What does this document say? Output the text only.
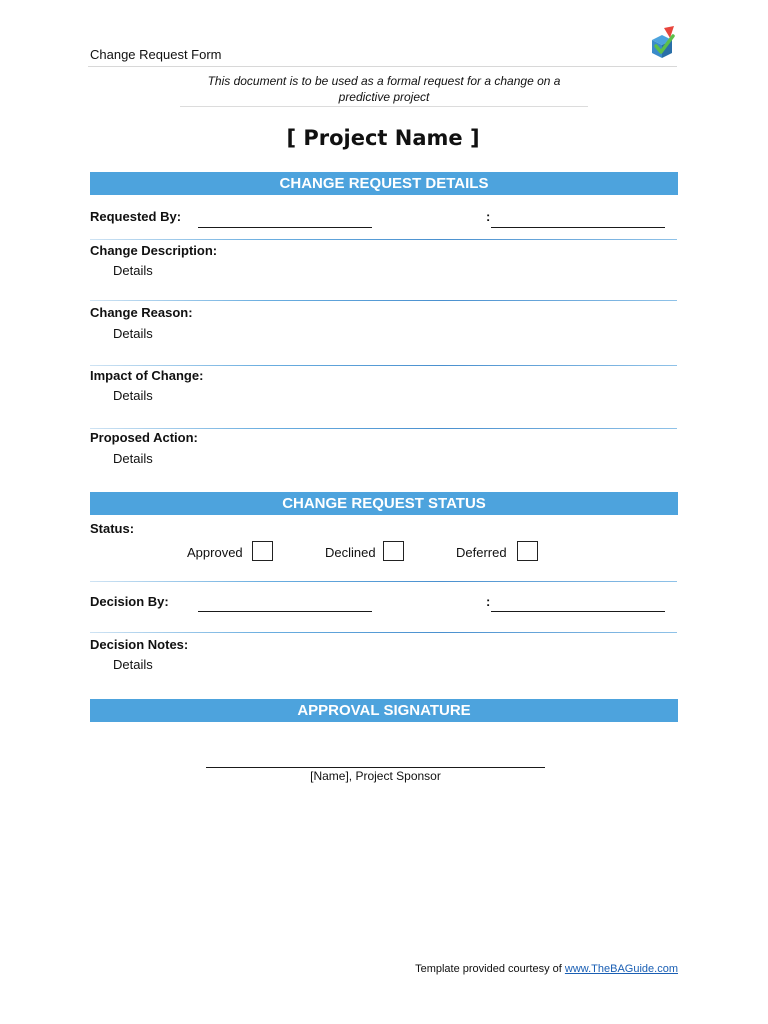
Change Request Form
This document is to be used as a formal request for a change on a
predictive project
[ Project Name ]
CHANGE REQUEST DETAILS
Requested By:	:
Change Description:
Details
Change Reason:
Details
Impact of Change:
Details
Proposed Action:
Details
CHANGE REQUEST STATUS
Status:
Approved	Declined	Deferred
Decision By:	:
Decision Notes:
Details
APPROVAL SIGNATURE
[Name], Project Sponsor
Template provided courtesy of www.TheBAGuide.com
